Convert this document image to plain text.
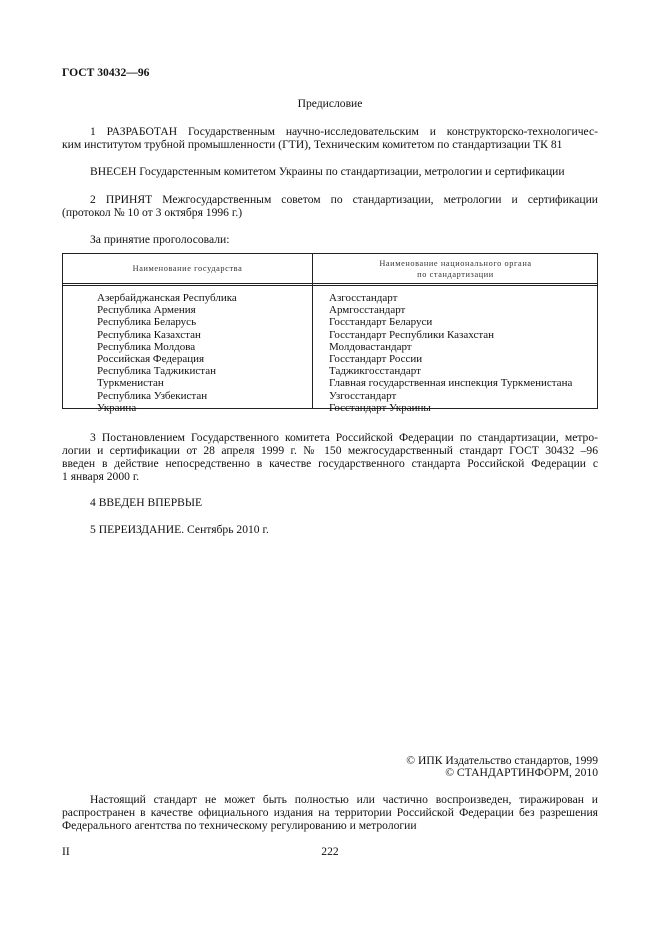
ГОСТ 30432—96
Предисловие
1 РАЗРАБОТАН Государственным научно-исследовательским и конструкторско-технологичес-
ким институтом трубной промышленности (ГТИ), Техническим комитетом по стандартизации ТК 81
ВНЕСЕН Государстенным комитетом Украины по стандартизации, метрологии и сертификации
2 ПРИНЯТ Межгосударственным советом по стандартизации, метрологии и сертификации
(протокол № 10 от 3 октября 1996 г.)
За принятие проголосовали:
Наименование государства
Наименование национального органа
по стандартизации
Азербайджанская Республика
Республика Армения
Республика Беларусь
Республика Казахстан
Республика Молдова
Российская Федерация
Республика Таджикистан
Туркменистан
Республика Узбекистан
Украина
Азгосстандарт
Армгосстандарт
Госстандарт Беларуси
Госстандарт Республики Казахстан
Молдовастандарт
Госстандарт России
Таджикгосстандарт
Главная государственная инспекция Туркменистана
Узгосстандарт
Госстандарт Украины
3 Постановлением Государственного комитета Российской Федерации по стандартизации, метро-
логии и сертификации от 28 апреля 1999 г. № 150 межгосударственный стандарт ГОСТ 30432 –96
введен в действие непосредственно в качестве государственного стандарта Российской Федерации с
1 января 2000 г.
4 ВВЕДЕН ВПЕРВЫЕ
5 ПЕРЕИЗДАНИЕ. Сентябрь 2010 г.
© ИПК Издательство стандартов, 1999
© СТАНДАРТИНФОРМ, 2010
Настоящий стандарт не может быть полностью или частично воспроизведен, тиражирован и
распространен в качестве официального издания на территории Российской Федерации без разрешения
Федерального агентства по техническому регулированию и метрологии
II	222
